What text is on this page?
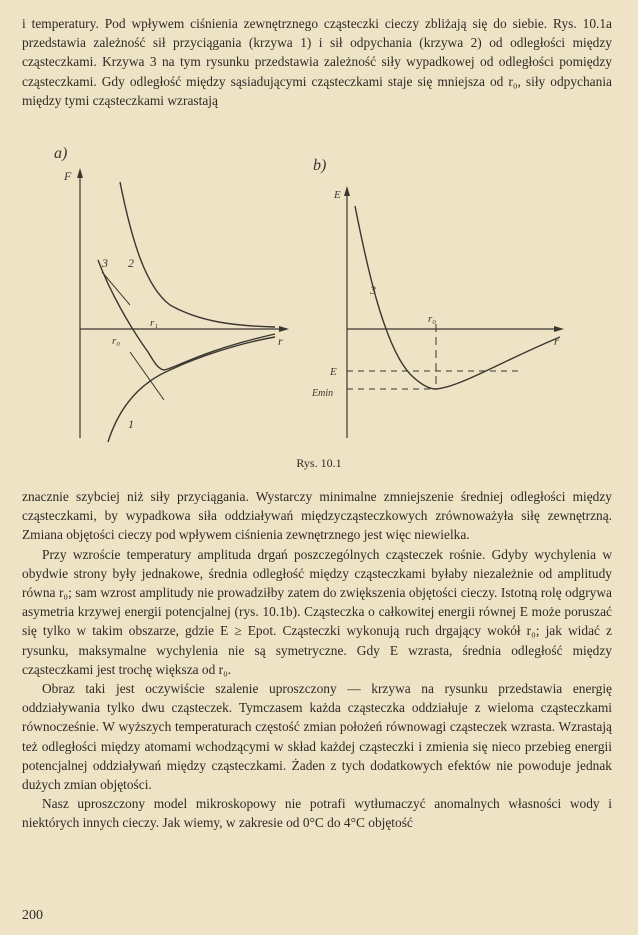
i temperatury. Pod wpływem ciśnienia zewnętrznego cząsteczki cieczy zbliżają się do siebie. Rys. 10.1a przedstawia zależność sił przyciągania (krzywa 1) i sił odpychania (krzywa 2) od odległości między cząsteczkami. Krzywa 3 na tym rysunku przedstawia zależność siły wypadkowej od odległości pomiędzy cząsteczkami. Gdy odległość między sąsiadującymi cząsteczkami staje się mniejsza od r₀, siły odpychania między tymi cząsteczkami wzrastają

a)
F
r
1
2
3
r₀
r₁
b)
E
r
3
r₀
E
Emin
Rys. 10.1

znacznie szybciej niż siły przyciągania. Wystarczy minimalne zmniejszenie średniej odległości między cząsteczkami, by wypadkowa siła oddziaływań międzycząsteczkowych zrównoważyła siłę zewnętrzną. Zmiana objętości cieczy pod wpływem ciśnienia zewnętrznego jest więc niewielka.

Przy wzroście temperatury amplituda drgań poszczególnych cząsteczek rośnie. Gdyby wychylenia w obydwie strony były jednakowe, średnia odległość między cząsteczkami byłaby niezależnie od amplitudy równa r₀; sam wzrost amplitudy nie prowadziłby zatem do zwiększenia objętości cieczy. Istotną rolę odgrywa asymetria krzywej energii potencjalnej (rys. 10.1b). Cząsteczka o całkowitej energii równej E może poruszać się tylko w takim obszarze, gdzie E ≥ Epot. Cząsteczki wykonują ruch drgający wokół r₀; jak widać z rysunku, maksymalne wychylenia nie są symetryczne. Gdy E wzrasta, średnia odległość między cząsteczkami jest trochę większa od r₀.

Obraz taki jest oczywiście szalenie uproszczony — krzywa na rysunku przedstawia energię oddziaływania tylko dwu cząsteczek. Tymczasem każda cząsteczka oddziałuje z wieloma cząsteczkami równocześnie. W wyższych temperaturach częstość zmian położeń równowagi cząsteczek wzrasta. Wzrastają też odległości między atomami wchodzącymi w skład każdej cząsteczki i zmienia się nieco przebieg energii potencjalnej oddziaływań między cząsteczkami. Żaden z tych dodatkowych efektów nie powoduje jednak dużych zmian objętości.

Nasz uproszczony model mikroskopowy nie potrafi wytłumaczyć anomalnych własności wody i niektórych innych cieczy. Jak wiemy, w zakresie od 0°C do 4°C objętość

200
